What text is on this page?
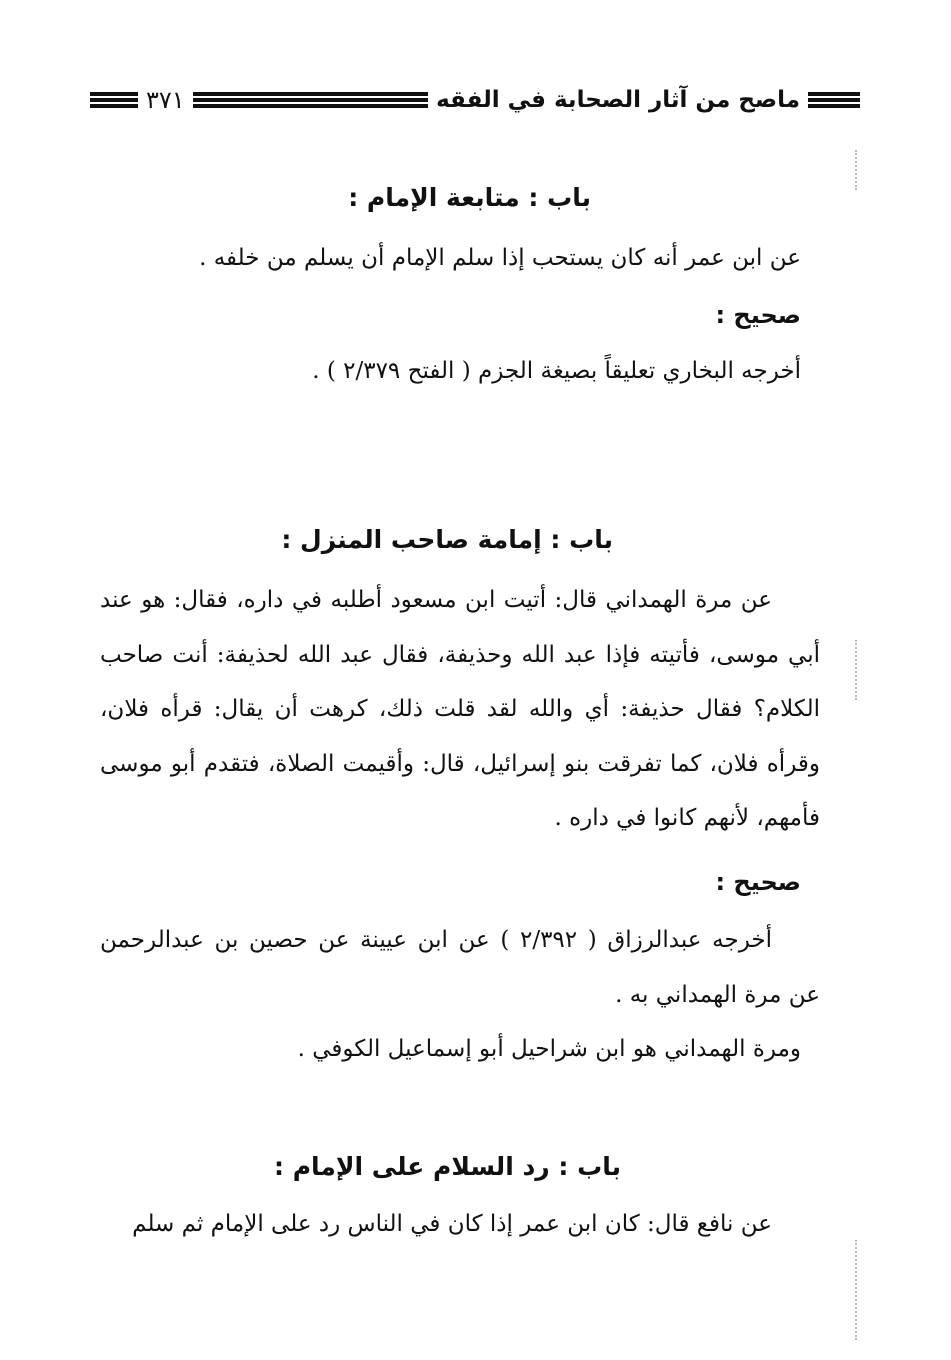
ماصح من آثار الصحابة في الفقه
٣٧١
باب : متابعة الإمام :
عن ابن عمر أنه كان يستحب إذا سلم الإمام أن يسلم من خلفه .
صحيح :
أخرجه البخاري تعليقاً بصيغة الجزم ( الفتح ٢/٣٧٩ ) .
باب : إمامة صاحب المنزل :
عن مرة الهمداني قال: أتيت ابن مسعود أطلبه في داره، فقال: هو عند أبي موسى، فأتيته فإذا عبد الله وحذيفة، فقال عبد الله لحذيفة: أنت صاحب الكلام؟ فقال حذيفة: أي والله لقد قلت ذلك، كرهت أن يقال: قرأه فلان، وقرأه فلان، كما تفرقت بنو إسرائيل، قال: وأقيمت الصلاة، فتقدم أبو موسى فأمهم، لأنهم كانوا في داره .
صحيح :
أخرجه عبدالرزاق ( ٢/٣٩٢ ) عن ابن عيينة عن حصين بن عبدالرحمن عن مرة الهمداني به .
ومرة الهمداني هو ابن شراحيل أبو إسماعيل الكوفي .
باب : رد السلام على الإمام :
عن نافع قال: كان ابن عمر إذا كان في الناس رد على الإمام ثم سلم
